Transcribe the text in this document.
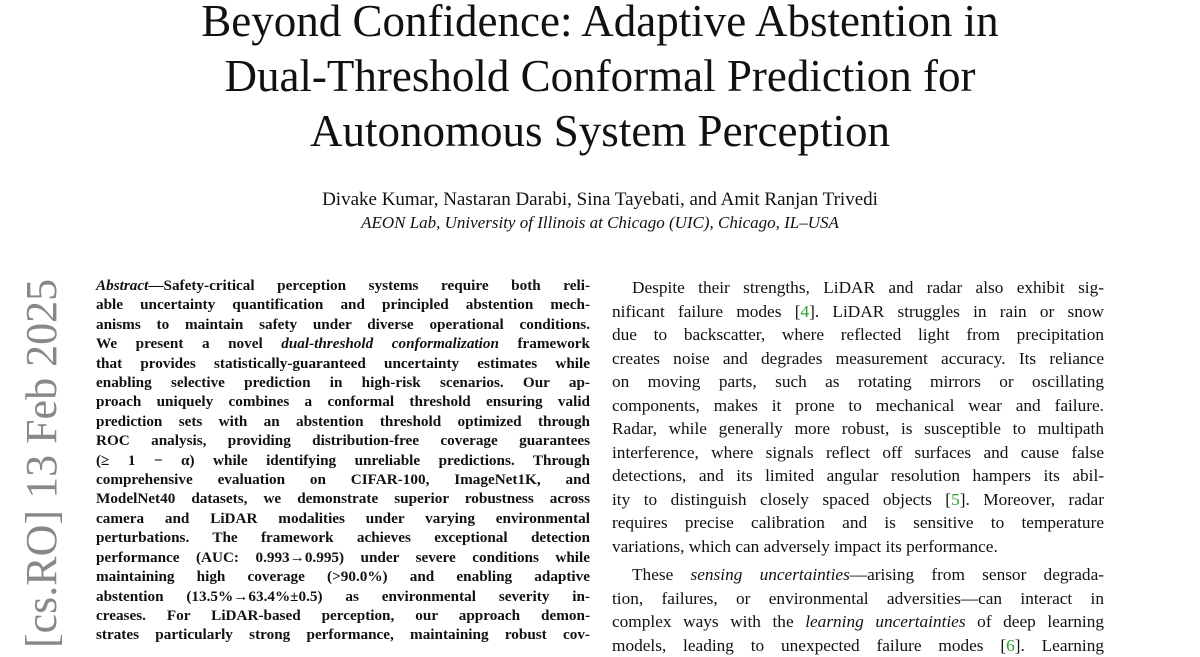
Beyond Confidence: Adaptive Abstention in
Dual-Threshold Conformal Prediction for
Autonomous System Perception
Divake Kumar, Nastaran Darabi, Sina Tayebati, and Amit Ranjan Trivedi
AEON Lab, University of Illinois at Chicago (UIC), Chicago, IL–USA
[cs.RO] 13 Feb 2025 Abstract—Safety-critical perception systems require both reli-
able uncertainty quantification and principled abstention mech-
anisms to maintain safety under diverse operational conditions.
We present a novel dual-threshold conformalization framework
that provides statistically-guaranteed uncertainty estimates while
enabling selective prediction in high-risk scenarios. Our ap-
proach uniquely combines a conformal threshold ensuring valid
prediction sets with an abstention threshold optimized through
ROC analysis, providing distribution-free coverage guarantees
(≥ 1 − α) while identifying unreliable predictions. Through
comprehensive evaluation on CIFAR-100, ImageNet1K, and
ModelNet40 datasets, we demonstrate superior robustness across
camera and LiDAR modalities under varying environmental
perturbations. The framework achieves exceptional detection
performance (AUC: 0.993→0.995) under severe conditions while
maintaining high coverage (>90.0%) and enabling adaptive
abstention (13.5%→63.4%±0.5) as environmental severity in-
creases. For LiDAR-based perception, our approach demon-
strates particularly strong performance, maintaining robust cov-
Despite their strengths, LiDAR and radar also exhibit sig-
nificant failure modes [4]. LiDAR struggles in rain or snow
due to backscatter, where reflected light from precipitation
creates noise and degrades measurement accuracy. Its reliance
on moving parts, such as rotating mirrors or oscillating
components, makes it prone to mechanical wear and failure.
Radar, while generally more robust, is susceptible to multipath
interference, where signals reflect off surfaces and cause false
detections, and its limited angular resolution hampers its abil-
ity to distinguish closely spaced objects [5]. Moreover, radar
requires precise calibration and is sensitive to temperature
variations, which can adversely impact its performance.
These sensing uncertainties—arising from sensor degrada-
tion, failures, or environmental adversities—can interact in
complex ways with the learning uncertainties of deep learning
models, leading to unexpected failure modes [6]. Learning
